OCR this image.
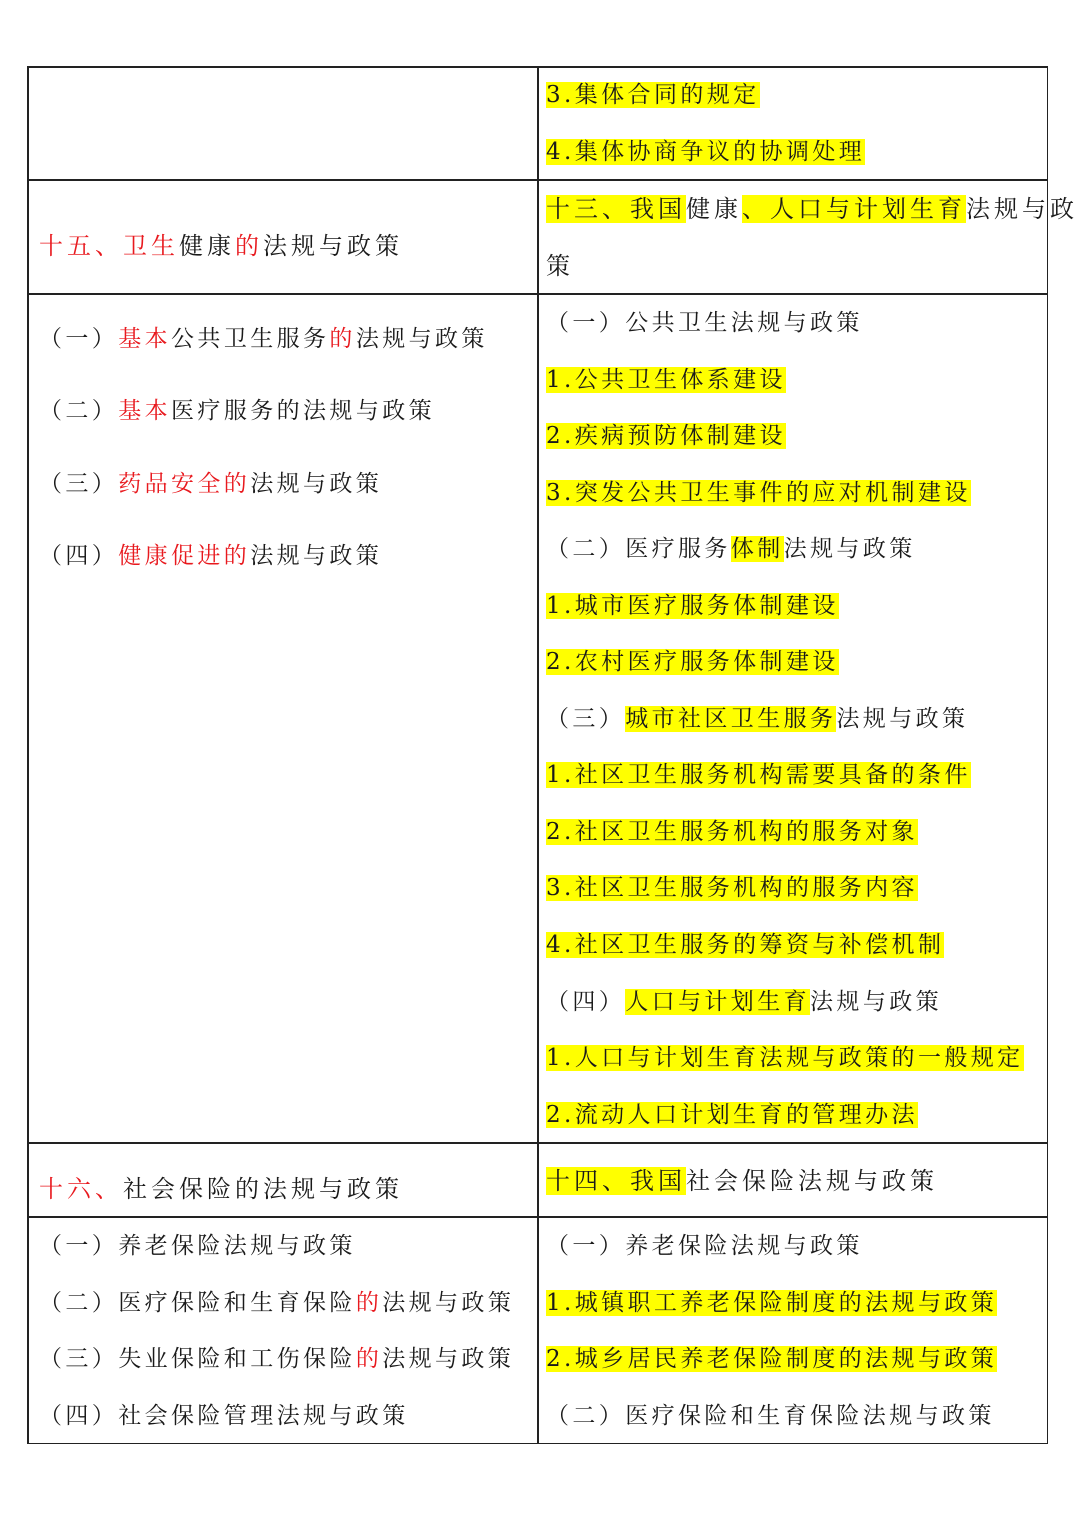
3.集体合同的规定
4.集体协商争议的协调处理
十五、卫生健康的法规与政策
十三、我国健康、人口与计划生育法规与政
策
（一）基本公共卫生服务的法规与政策
（二）基本医疗服务的法规与政策
（三）药品安全的法规与政策
（四）健康促进的法规与政策
（一）公共卫生法规与政策
1.公共卫生体系建设
2.疾病预防体制建设
3.突发公共卫生事件的应对机制建设
（二）医疗服务体制法规与政策
1.城市医疗服务体制建设
2.农村医疗服务体制建设
（三）城市社区卫生服务法规与政策
1.社区卫生服务机构需要具备的条件
2.社区卫生服务机构的服务对象
3.社区卫生服务机构的服务内容
4.社区卫生服务的筹资与补偿机制
（四）人口与计划生育法规与政策
1.人口与计划生育法规与政策的一般规定
2.流动人口计划生育的管理办法
十六、社会保险的法规与政策	十四、我国社会保险法规与政策
（一）养老保险法规与政策
（二）医疗保险和生育保险的法规与政策
（三）失业保险和工伤保险的法规与政策
（四）社会保险管理法规与政策
（一）养老保险法规与政策
1.城镇职工养老保险制度的法规与政策
2.城乡居民养老保险制度的法规与政策
（二）医疗保险和生育保险法规与政策
